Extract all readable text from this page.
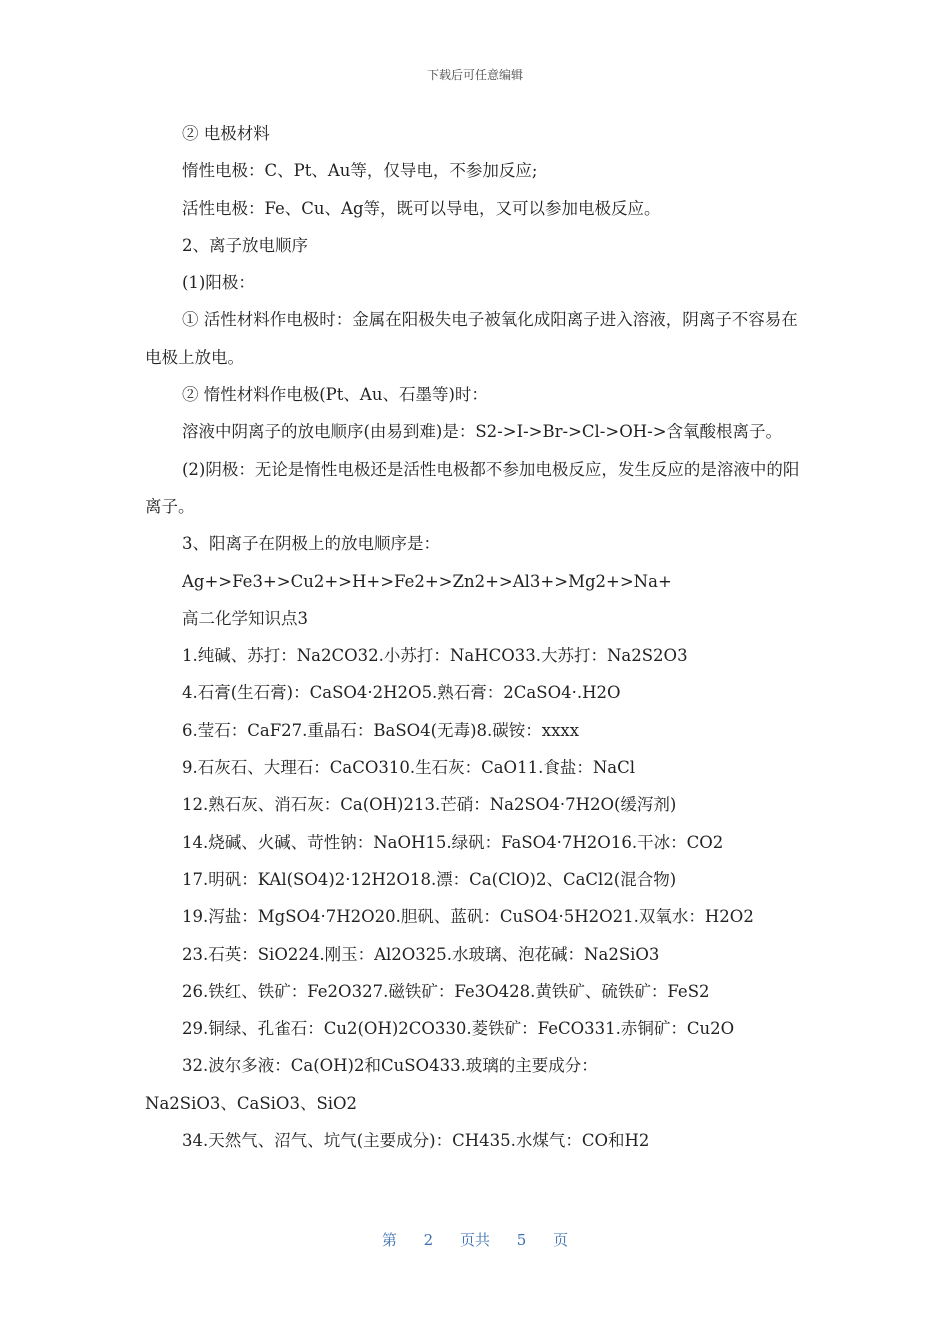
下载后可任意编辑

② 电极材料

惰性电极：C、Pt、Au等，仅导电，不参加反应;

活性电极：Fe、Cu、Ag等，既可以导电，又可以参加电极反应。

2、离子放电顺序

(1)阳极：

① 活性材料作电极时：金属在阳极失电子被氧化成阳离子进入溶液，阴离子不容易在电极上放电。

② 惰性材料作电极(Pt、Au、石墨等)时：

溶液中阴离子的放电顺序(由易到难)是：S2->I->Br->Cl->OH->含氧酸根离子。

(2)阴极：无论是惰性电极还是活性电极都不参加电极反应，发生反应的是溶液中的阳离子。

3、阳离子在阴极上的放电顺序是：

Ag+>Fe3+>Cu2+>H+>Fe2+>Zn2+>Al3+>Mg2+>Na+

高二化学知识点3

1.纯碱、苏打：Na2CO32.小苏打：NaHCO33.大苏打：Na2S2O3

4.石膏(生石膏)：CaSO4·2H2O5.熟石膏：2CaSO4·.H2O

6.莹石：CaF27.重晶石：BaSO4(无毒)8.碳铵：xxxx

9.石灰石、大理石：CaCO310.生石灰：CaO11.食盐：NaCl

12.熟石灰、消石灰：Ca(OH)213.芒硝：Na2SO4·7H2O(缓泻剂)

14.烧碱、火碱、苛性钠：NaOH15.绿矾：FaSO4·7H2O16.干冰：CO2

17.明矾：KAl(SO4)2·12H2O18.漂：Ca(ClO)2、CaCl2(混合物)

19.泻盐：MgSO4·7H2O20.胆矾、蓝矾：CuSO4·5H2O21.双氧水：H2O2

23.石英：SiO224.刚玉：Al2O325.水玻璃、泡花碱：Na2SiO3

26.铁红、铁矿：Fe2O327.磁铁矿：Fe3O428.黄铁矿、硫铁矿：FeS2

29.铜绿、孔雀石：Cu2(OH)2CO330.菱铁矿：FeCO331.赤铜矿：Cu2O

32.波尔多液：Ca(OH)2和CuSO433.玻璃的主要成分：

Na2SiO3、CaSiO3、SiO2

34.天然气、沼气、坑气(主要成分)：CH435.水煤气：CO和H2

第 2 页共 5 页
